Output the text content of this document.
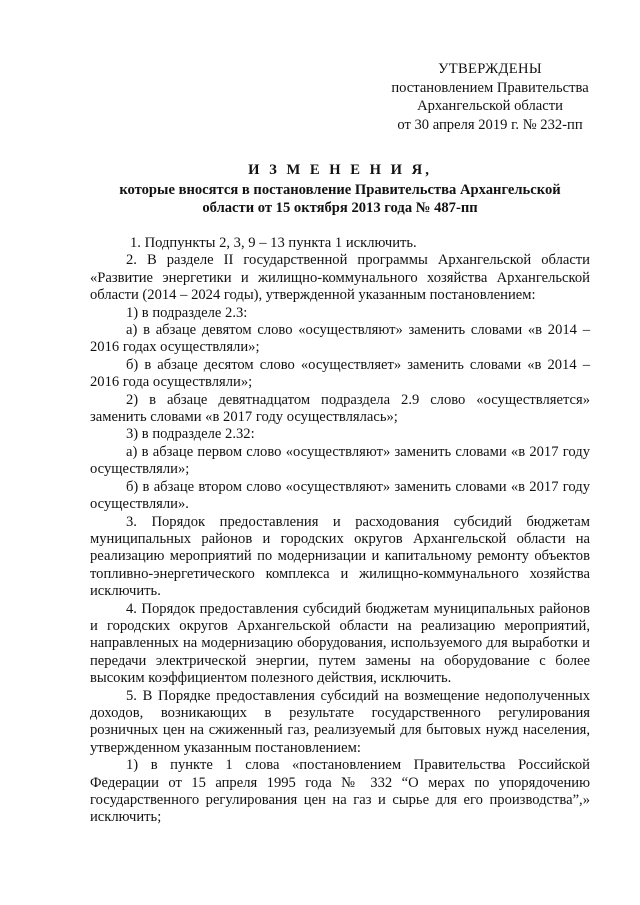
УТВЕРЖДЕНЫ
постановлением Правительства
Архангельской области
от 30 апреля 2019 г. № 232-пп
И З М Е Н Е Н И Я,
которые вносятся в постановление Правительства Архангельской
области от 15 октября 2013 года № 487-пп

1. Подпункты 2, 3, 9 – 13 пункта 1 исключить.

2. В разделе II государственной программы Архангельской области «Развитие энергетики и жилищно-коммунального хозяйства Архангельской области (2014 – 2024 годы), утвержденной указанным постановлением:

1) в подразделе 2.3:

а) в абзаце девятом слово «осуществляют» заменить словами «в 2014 – 2016 годах осуществляли»;

б) в абзаце десятом слово «осуществляет» заменить словами «в 2014 – 2016 года осуществляли»;

2) в абзаце девятнадцатом подраздела 2.9 слово «осуществляется» заменить словами «в 2017 году осуществлялась»;

3) в подразделе 2.32:

а) в абзаце первом слово «осуществляют» заменить словами «в 2017 году осуществляли»;

б) в абзаце втором слово «осуществляют» заменить словами «в 2017 году осуществляли».

3. Порядок предоставления и расходования субсидий бюджетам муниципальных районов и городских округов Архангельской области на реализацию мероприятий по модернизации и капитальному ремонту объектов топливно-энергетического комплекса и жилищно-коммунального хозяйства исключить.

4. Порядок предоставления субсидий бюджетам муниципальных районов и городских округов Архангельской области на реализацию мероприятий, направленных на модернизацию оборудования, используемого для выработки и передачи электрической энергии, путем замены на оборудование с более высоким коэффициентом полезного действия, исключить.

5. В Порядке предоставления субсидий на возмещение недополученных доходов, возникающих в результате государственного регулирования розничных цен на сжиженный газ, реализуемый для бытовых нужд населения, утвержденном указанным постановлением:

1) в пункте 1 слова «постановлением Правительства Российской Федерации от 15 апреля 1995 года № 332 “О мерах по упорядочению государственного регулирования цен на газ и сырье для его производства”,» исключить;
